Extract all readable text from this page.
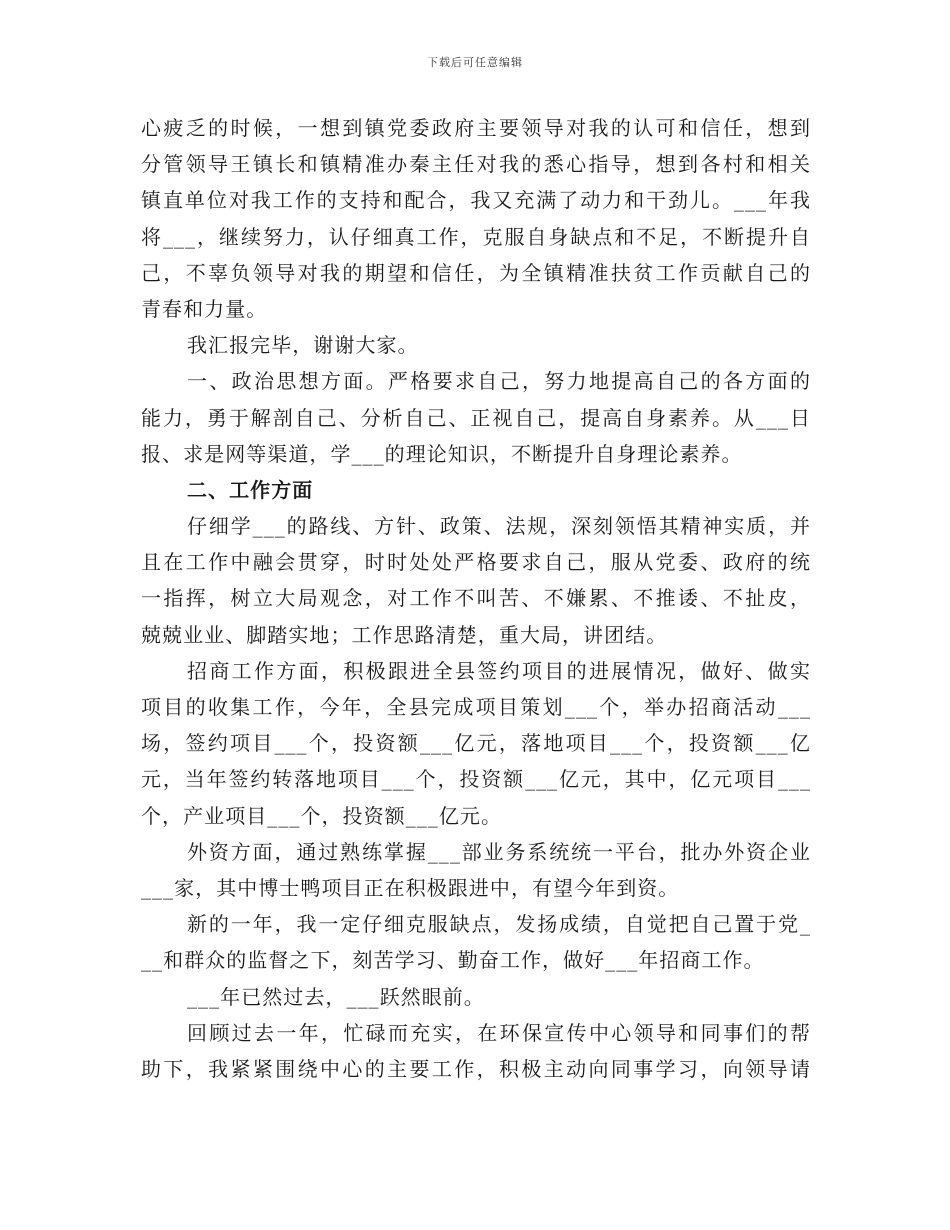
下载后可任意编辑
心疲乏的时候，一想到镇党委政府主要领导对我的认可和信任，想到
分管领导王镇长和镇精准办秦主任对我的悉心指导，想到各村和相关
镇直单位对我工作的支持和配合，我又充满了动力和干劲儿。___年我
将___，继续努力，认仔细真工作，克服自身缺点和不足，不断提升自
己，不辜负领导对我的期望和信任，为全镇精准扶贫工作贡献自己的
青春和力量。
我汇报完毕，谢谢大家。
一、政治思想方面。严格要求自己，努力地提高自己的各方面的
能力，勇于解剖自己、分析自己、正视自己，提高自身素养。从___日
报、求是网等渠道，学___的理论知识，不断提升自身理论素养。
二、工作方面
仔细学___的路线、方针、政策、法规，深刻领悟其精神实质，并
且在工作中融会贯穿，时时处处严格要求自己，服从党委、政府的统
一指挥，树立大局观念，对工作不叫苦、不嫌累、不推诿、不扯皮，
兢兢业业、脚踏实地；工作思路清楚，重大局，讲团结。
招商工作方面，积极跟进全县签约项目的进展情况，做好、做实
项目的收集工作，今年，全县完成项目策划___个，举办招商活动___
场，签约项目___个，投资额___亿元，落地项目___个，投资额___亿
元，当年签约转落地项目___个，投资额___亿元，其中，亿元项目___
个，产业项目___个，投资额___亿元。
外资方面，通过熟练掌握___部业务系统统一平台，批办外资企业
___家，其中博士鸭项目正在积极跟进中，有望今年到资。
新的一年，我一定仔细克服缺点，发扬成绩，自觉把自己置于党_
__和群众的监督之下，刻苦学习、勤奋工作，做好___年招商工作。
___年已然过去，___跃然眼前。
回顾过去一年，忙碌而充实，在环保宣传中心领导和同事们的帮
助下，我紧紧围绕中心的主要工作，积极主动向同事学习，向领导请
